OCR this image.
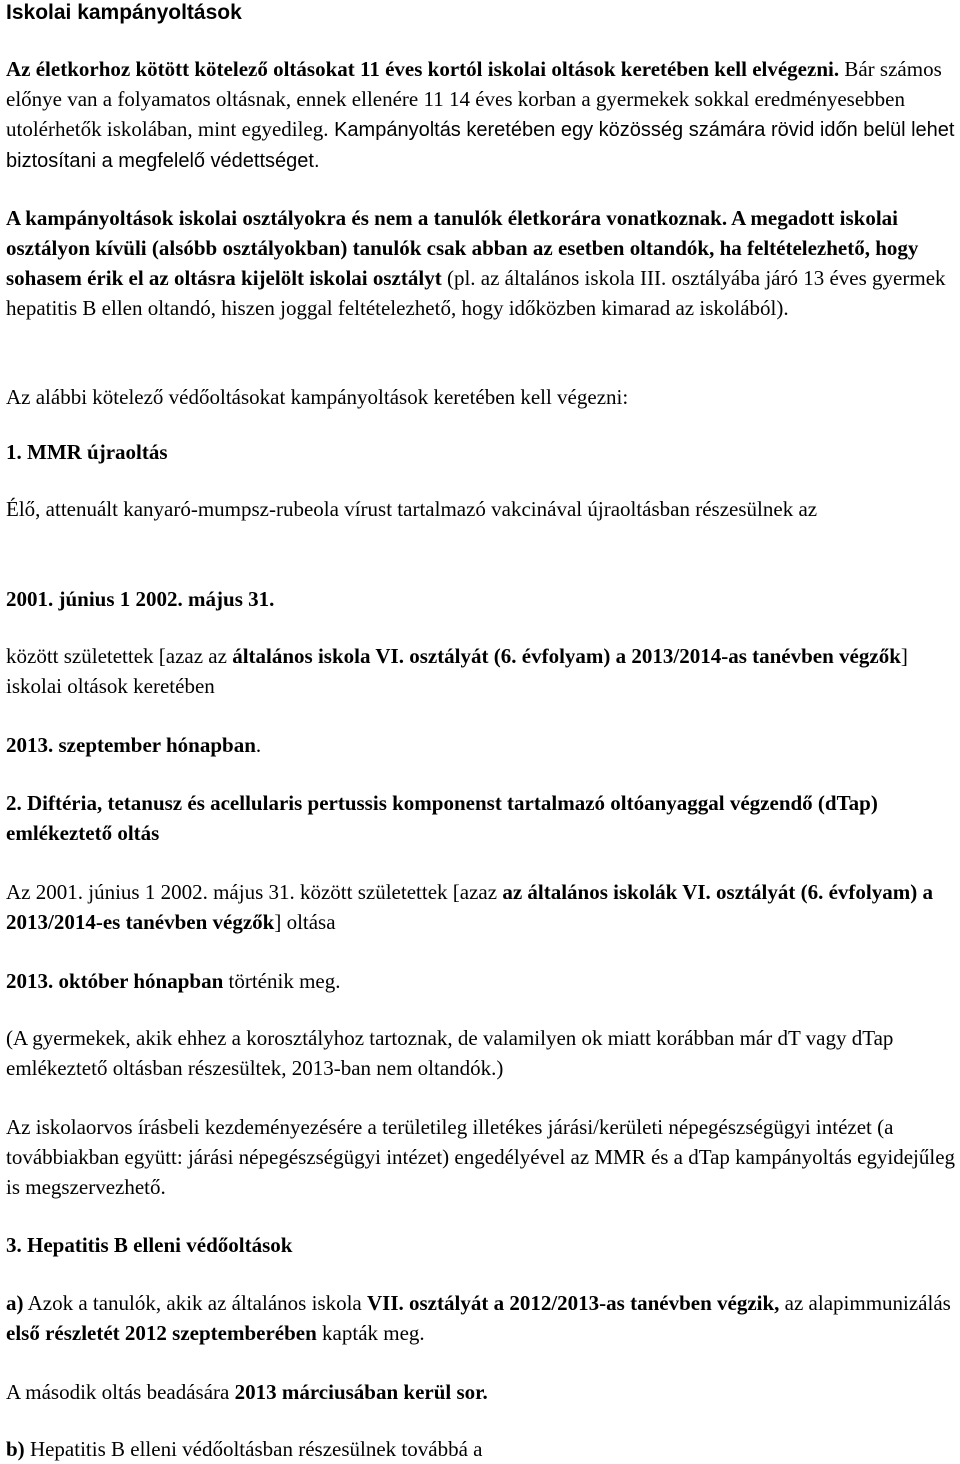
Iskolai kampányoltások

Az életkorhoz kötött kötelező oltásokat 11 éves kortól iskolai oltások keretében kell elvégezni. Bár számos előnye van a folyamatos oltásnak, ennek ellenére 11 14 éves korban a gyermekek sokkal eredményesebben utolérhetők iskolában, mint egyedileg. Kampányoltás keretében egy közösség számára rövid időn belül lehet biztosítani a megfelelő védettséget.

A kampányoltások iskolai osztályokra és nem a tanulók életkorára vonatkoznak. A megadott iskolai osztályon kívüli (alsóbb osztályokban) tanulók csak abban az esetben oltandók, ha feltételezhető, hogy sohasem érik el az oltásra kijelölt iskolai osztályt (pl. az általános iskola III. osztályába járó 13 éves gyermek hepatitis B ellen oltandó, hiszen joggal feltételezhető, hogy időközben kimarad az iskolából).

Az alábbi kötelező védőoltásokat kampányoltások keretében kell végezni:

1. MMR újraoltás

Élő, attenuált kanyaró-mumpsz-rubeola vírust tartalmazó vakcinával újraoltásban részesülnek az

2001. június 1 2002. május 31.

között születettek [azaz az általános iskola VI. osztályát (6. évfolyam) a 2013/2014-as tanévben végzők] iskolai oltások keretében

2013. szeptember hónapban.

2. Diftéria, tetanusz és acellularis pertussis komponenst tartalmazó oltóanyaggal végzendő (dTap) emlékeztető oltás

Az 2001. június 1 2002. május 31. között születettek [azaz az általános iskolák VI. osztályát (6. évfolyam) a 2013/2014-es tanévben végzők] oltása

2013. október hónapban történik meg.

(A gyermekek, akik ehhez a korosztályhoz tartoznak, de valamilyen ok miatt korábban már dT vagy dTap emlékeztető oltásban részesültek, 2013-ban nem oltandók.)

Az iskolaorvos írásbeli kezdeményezésére a területileg illetékes járási/kerületi népegészségügyi intézet (a továbbiakban együtt: járási népegészségügyi intézet) engedélyével az MMR és a dTap kampányoltás egyidejűleg is megszervezhető.

3. Hepatitis B elleni védőoltások

a) Azok a tanulók, akik az általános iskola VII. osztályát a 2012/2013-as tanévben végzik, az alapimmunizálás első részletét 2012 szeptemberében kapták meg.

A második oltás beadására 2013 márciusában kerül sor.

b) Hepatitis B elleni védőoltásban részesülnek továbbá a
